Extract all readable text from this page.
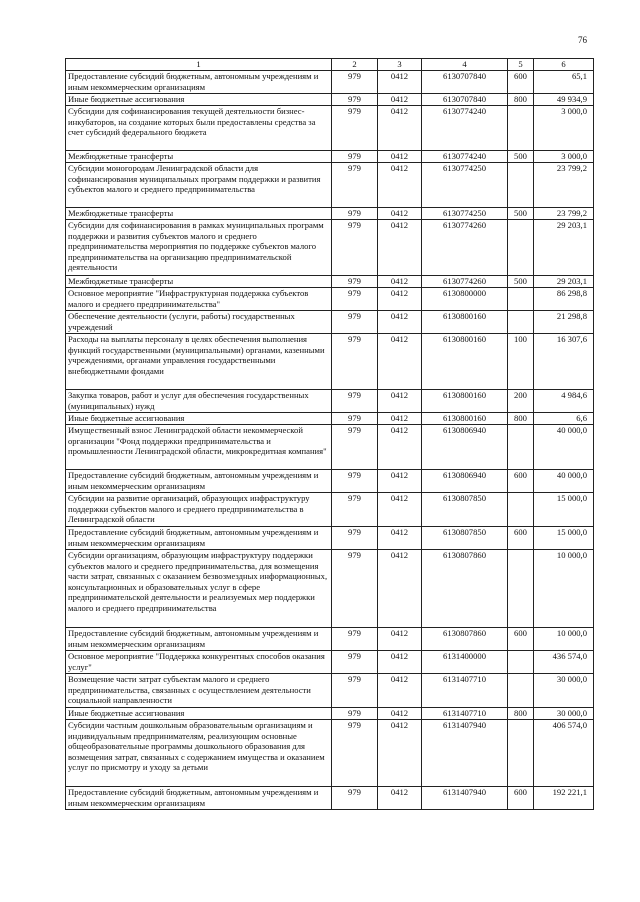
76
1	2	3	4	5	6
Предоставление субсидий бюджетным, автономным учреждениям и иным некоммерческим организациям	979	0412	6130707840	600	65,1
Иные бюджетные ассигнования	979	0412	6130707840	800	49 934,9
Субсидии для софинансирования текущей деятельности бизнес-инкубаторов, на создание которых были предоставлены средства за счет субсидий федерального бюджета	979	0412	6130774240		3 000,0
Межбюджетные трансферты	979	0412	6130774240	500	3 000,0
Субсидии моногородам Ленинградской области для софинансирования муниципальных программ поддержки и развития субъектов малого и среднего предпринимательства	979	0412	6130774250		23 799,2
Межбюджетные трансферты	979	0412	6130774250	500	23 799,2
Субсидии для софинансирования в рамках муниципальных программ поддержки и развития субъектов малого и среднего предпринимательства мероприятия по поддержке субъектов малого предпринимательства на организацию предпринимательской деятельности	979	0412	6130774260		29 203,1
Межбюджетные трансферты	979	0412	6130774260	500	29 203,1
Основное мероприятие "Инфраструктурная поддержка субъектов малого и среднего предпринимательства"	979	0412	6130800000		86 298,8
Обеспечение деятельности (услуги, работы) государственных учреждений	979	0412	6130800160		21 298,8
Расходы на выплаты персоналу в целях обеспечения выполнения функций государственными (муниципальными) органами, казенными учреждениями, органами управления государственными внебюджетными фондами	979	0412	6130800160	100	16 307,6
Закупка товаров, работ и услуг для обеспечения государственных (муниципальных) нужд	979	0412	6130800160	200	4 984,6
Иные бюджетные ассигнования	979	0412	6130800160	800	6,6
Имущественный взнос Ленинградской области некоммерческой организации "Фонд поддержки предпринимательства и промышленности Ленинградской области, микрокредитная компания"	979	0412	6130806940		40 000,0
Предоставление субсидий бюджетным, автономным учреждениям и иным некоммерческим организациям	979	0412	6130806940	600	40 000,0
Субсидии на развитие организаций, образующих инфраструктуру поддержки субъектов малого и среднего предпринимательства в Ленинградской области	979	0412	6130807850		15 000,0
Предоставление субсидий бюджетным, автономным учреждениям и иным некоммерческим организациям	979	0412	6130807850	600	15 000,0
Субсидии организациям, образующим инфраструктуру поддержки субъектов малого и среднего предпринимательства, для возмещения части затрат, связанных с оказанием безвозмездных информационных, консультационных и образовательных услуг в сфере предпринимательской деятельности и реализуемых мер поддержки малого и среднего предпринимательства	979	0412	6130807860		10 000,0
Предоставление субсидий бюджетным, автономным учреждениям и иным некоммерческим организациям	979	0412	6130807860	600	10 000,0
Основное мероприятие "Поддержка конкурентных способов оказания услуг"	979	0412	6131400000		436 574,0
Возмещение части затрат субъектам малого и среднего предпринимательства, связанных с осуществлением деятельности социальной направленности	979	0412	6131407710		30 000,0
Иные бюджетные ассигнования	979	0412	6131407710	800	30 000,0
Субсидии частным дошкольным образовательным организациям и индивидуальным предпринимателям, реализующим основные общеобразовательные программы дошкольного образования для возмещения затрат, связанных с содержанием имущества и оказанием услуг по присмотру и уходу за детьми	979	0412	6131407940		406 574,0
Предоставление субсидий бюджетным, автономным учреждениям и иным некоммерческим организациям	979	0412	6131407940	600	192 221,1
